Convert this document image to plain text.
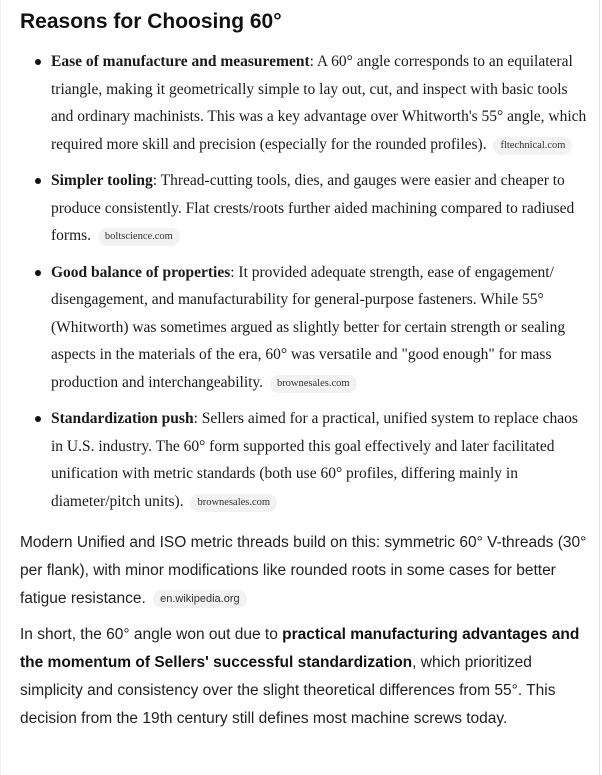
Reasons for Choosing 60°
Ease of manufacture and measurement: A 60° angle corresponds to an equilateral triangle, making it geometrically simple to lay out, cut, and inspect with basic tools and ordinary machinists. This was a key advantage over Whitworth's 55° angle, which required more skill and precision (especially for the rounded profiles). fltechnical.com
Simpler tooling: Thread-cutting tools, dies, and gauges were easier and cheaper to produce consistently. Flat crests/roots further aided machining compared to radiused forms. boltscience.com
Good balance of properties: It provided adequate strength, ease of engagement/ disengagement, and manufacturability for general-purpose fasteners. While 55° (Whitworth) was sometimes argued as slightly better for certain strength or sealing aspects in the materials of the era, 60° was versatile and "good enough" for mass production and interchangeability. brownesales.com
Standardization push: Sellers aimed for a practical, unified system to replace chaos in U.S. industry. The 60° form supported this goal effectively and later facilitated unification with metric standards (both use 60° profiles, differing mainly in diameter/pitch units). brownesales.com

Modern Unified and ISO metric threads build on this: symmetric 60° V-threads (30° per flank), with minor modifications like rounded roots in some cases for better fatigue resistance. en.wikipedia.org

In short, the 60° angle won out due to practical manufacturing advantages and the momentum of Sellers' successful standardization, which prioritized simplicity and consistency over the slight theoretical differences from 55°. This decision from the 19th century still defines most machine screws today.
